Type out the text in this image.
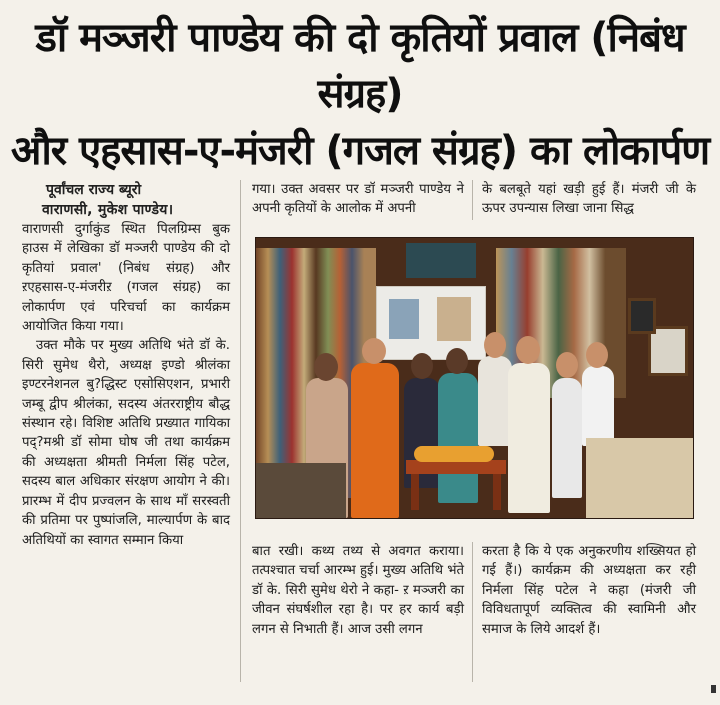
डॉ मञ्जरी पाण्डेय की दो कृतियों प्रवाल (निबंध संग्रह)
और एहसास-ए-मंजरी (गजल संग्रह) का लोकार्पण

पूर्वांचल राज्य ब्यूरो

वाराणसी, मुकेश पाण्डेय।

वाराणसी दुर्गाकुंड स्थित पिलग्रिम्स बुक हाउस में लेखिका डॉ मञ्जरी पाण्डेय की दो कृतियां प्रवाल' (निबंध संग्रह) और ऱएहसास-ए-मंजरीऱ (गजल संग्रह) का लोकार्पण एवं परिचर्चा का कार्यक्रम आयोजित किया गया।

उक्त मौके पर मुख्य अतिथि भंते डॉ के. सिरी सुमेध थैरो, अध्यक्ष इण्डो श्रीलंका इण्टरनेशनल बु?द्धिस्ट एसोसिएशन, प्रभारी जम्बू द्वीप श्रीलंका, सदस्य अंतरराष्ट्रीय बौद्ध संस्थान रहे। विशिष्ट अतिथि प्रख्यात गायिका पद्?मश्री डॉ सोमा घोष जी तथा कार्यक्रम की अध्यक्षता श्रीमती निर्मला सिंह पटेल, सदस्य बाल अधिकार संरक्षण आयोग ने की। प्रारम्भ में दीप प्रज्वलन के साथ माँ सरस्वती की प्रतिमा पर पुष्पांजलि, माल्यार्पण के बाद अतिथियों का स्वागत सम्मान किया

गया। उक्त अवसर पर डॉ मञ्जरी पाण्डेय ने अपनी कृतियों के आलोक में अपनी

के बलबूते यहां खड़ी हुई हैं। मंजरी जी के ऊपर उपन्यास लिखा जाना सिद्ध

बात रखी। कथ्य तथ्य से अवगत कराया। तत्पश्चात चर्चा आरम्भ हुई। मुख्य अतिथि भंते डॉ के. सिरी सुमेध थेरो ने कहा- ऱ मञ्जरी का जीवन संघर्षशील रहा है। पर हर कार्य बड़ी लगन से निभाती हैं। आज उसी लगन

करता है कि ये एक अनुकरणीय शख्सियत हो गई हैं।) कार्यक्रम की अध्यक्षता कर रही निर्मला सिंह पटेल ने कहा (मंजरी जी विविधतापूर्ण व्यक्तित्व की स्वामिनी और समाज के लिये आदर्श हैं।
